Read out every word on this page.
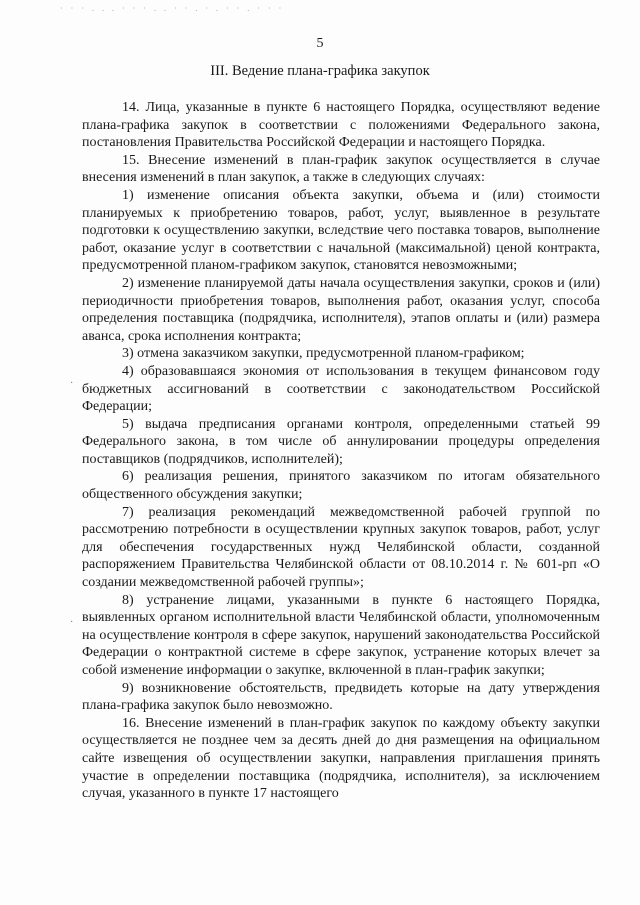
· · · . . . · · · . . · · . · . · · . · · ·
5
III. Ведение плана-графика закупок
·
·

14. Лица, указанные в пункте 6 настоящего Порядка, осуществляют ведение плана-графика закупок в соответствии с положениями Федерального закона, постановления Правительства Российской Федерации и настоящего Порядка.

15. Внесение изменений в план-график закупок осуществляется в случае внесения изменений в план закупок, а также в следующих случаях:

1) изменение описания объекта закупки, объема и (или) стоимости планируемых к приобретению товаров, работ, услуг, выявленное в результате подготовки к осуществлению закупки, вследствие чего поставка товаров, выполнение работ, оказание услуг в соответствии с начальной (максимальной) ценой контракта, предусмотренной планом-графиком закупок, становятся невозможными;

2) изменение планируемой даты начала осуществления закупки, сроков и (или) периодичности приобретения товаров, выполнения работ, оказания услуг, способа определения поставщика (подрядчика, исполнителя), этапов оплаты и (или) размера аванса, срока исполнения контракта;

3) отмена заказчиком закупки, предусмотренной планом-графиком;

4) образовавшаяся экономия от использования в текущем финансовом году бюджетных ассигнований в соответствии с законодательством Российской Федерации;

5) выдача предписания органами контроля, определенными статьей 99 Федерального закона, в том числе об аннулировании процедуры определения поставщиков (подрядчиков, исполнителей);

6) реализация решения, принятого заказчиком по итогам обязательного общественного обсуждения закупки;

7) реализация рекомендаций межведомственной рабочей группой по рассмотрению потребности в осуществлении крупных закупок товаров, работ, услуг для обеспечения государственных нужд Челябинской области, созданной распоряжением Правительства Челябинской области от 08.10.2014 г. № 601-рп «О создании межведомственной рабочей группы»;

8) устранение лицами, указанными в пункте 6 настоящего Порядка, выявленных органом исполнительной власти Челябинской области, уполномоченным на осуществление контроля в сфере закупок, нарушений законодательства Российской Федерации о контрактной системе в сфере закупок, устранение которых влечет за собой изменение информации о закупке, включенной в план-график закупки;

9) возникновение обстоятельств, предвидеть которые на дату утверждения плана-графика закупок было невозможно.

16. Внесение изменений в план-график закупок по каждому объекту закупки осуществляется не позднее чем за десять дней до дня размещения на официальном сайте извещения об осуществлении закупки, направления приглашения принять участие в определении поставщика (подрядчика, исполнителя), за исключением случая, указанного в пункте 17 настоящего
